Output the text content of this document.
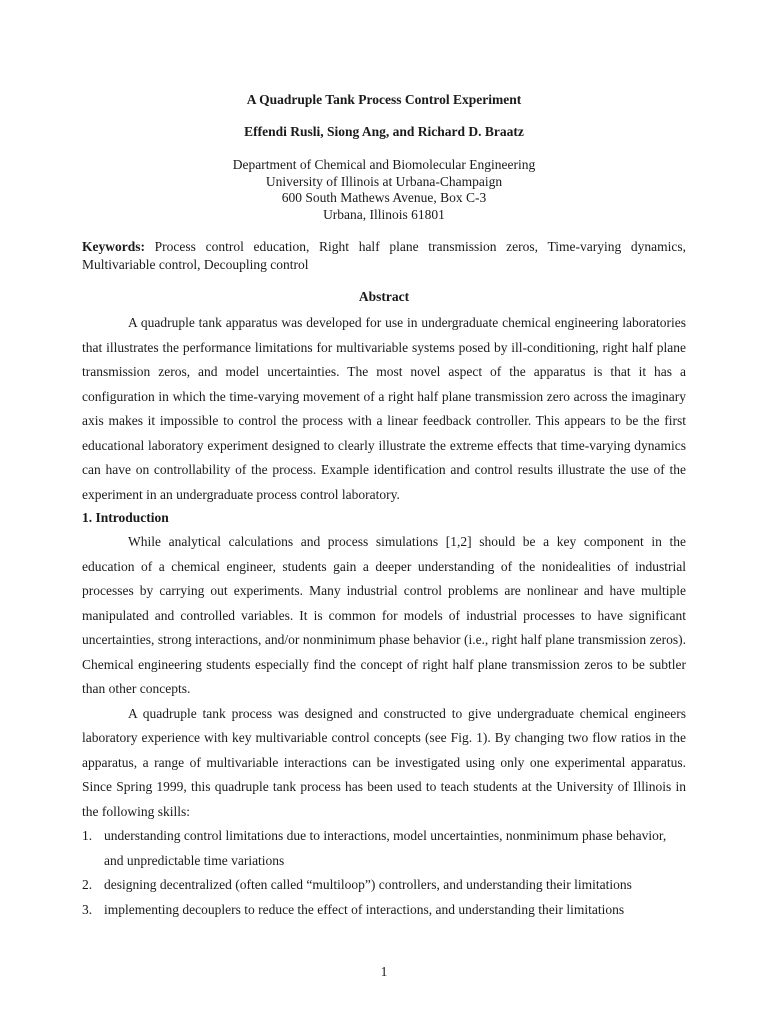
A Quadruple Tank Process Control Experiment
Effendi Rusli, Siong Ang, and Richard D. Braatz
Department of Chemical and Biomolecular Engineering
University of Illinois at Urbana-Champaign
600 South Mathews Avenue, Box C-3
Urbana, Illinois 61801
Keywords: Process control education, Right half plane transmission zeros, Time-varying dynamics, Multivariable control, Decoupling control
Abstract
A quadruple tank apparatus was developed for use in undergraduate chemical engineering laboratories that illustrates the performance limitations for multivariable systems posed by ill-conditioning, right half plane transmission zeros, and model uncertainties. The most novel aspect of the apparatus is that it has a configuration in which the time-varying movement of a right half plane transmission zero across the imaginary axis makes it impossible to control the process with a linear feedback controller. This appears to be the first educational laboratory experiment designed to clearly illustrate the extreme effects that time-varying dynamics can have on controllability of the process. Example identification and control results illustrate the use of the experiment in an undergraduate process control laboratory.
1. Introduction

While analytical calculations and process simulations [1,2] should be a key component in the education of a chemical engineer, students gain a deeper understanding of the nonidealities of industrial processes by carrying out experiments. Many industrial control problems are nonlinear and have multiple manipulated and controlled variables. It is common for models of industrial processes to have significant uncertainties, strong interactions, and/or nonminimum phase behavior (i.e., right half plane transmission zeros). Chemical engineering students especially find the concept of right half plane transmission zeros to be subtler than other concepts.

A quadruple tank process was designed and constructed to give undergraduate chemical engineers laboratory experience with key multivariable control concepts (see Fig. 1). By changing two flow ratios in the apparatus, a range of multivariable interactions can be investigated using only one experimental apparatus. Since Spring 1999, this quadruple tank process has been used to teach students at the University of Illinois in the following skills:

1. understanding control limitations due to interactions, model uncertainties, nonminimum phase behavior, and unpredictable time variations
2. designing decentralized (often called “multiloop”) controllers, and understanding their limitations
3. implementing decouplers to reduce the effect of interactions, and understanding their limitations
1
